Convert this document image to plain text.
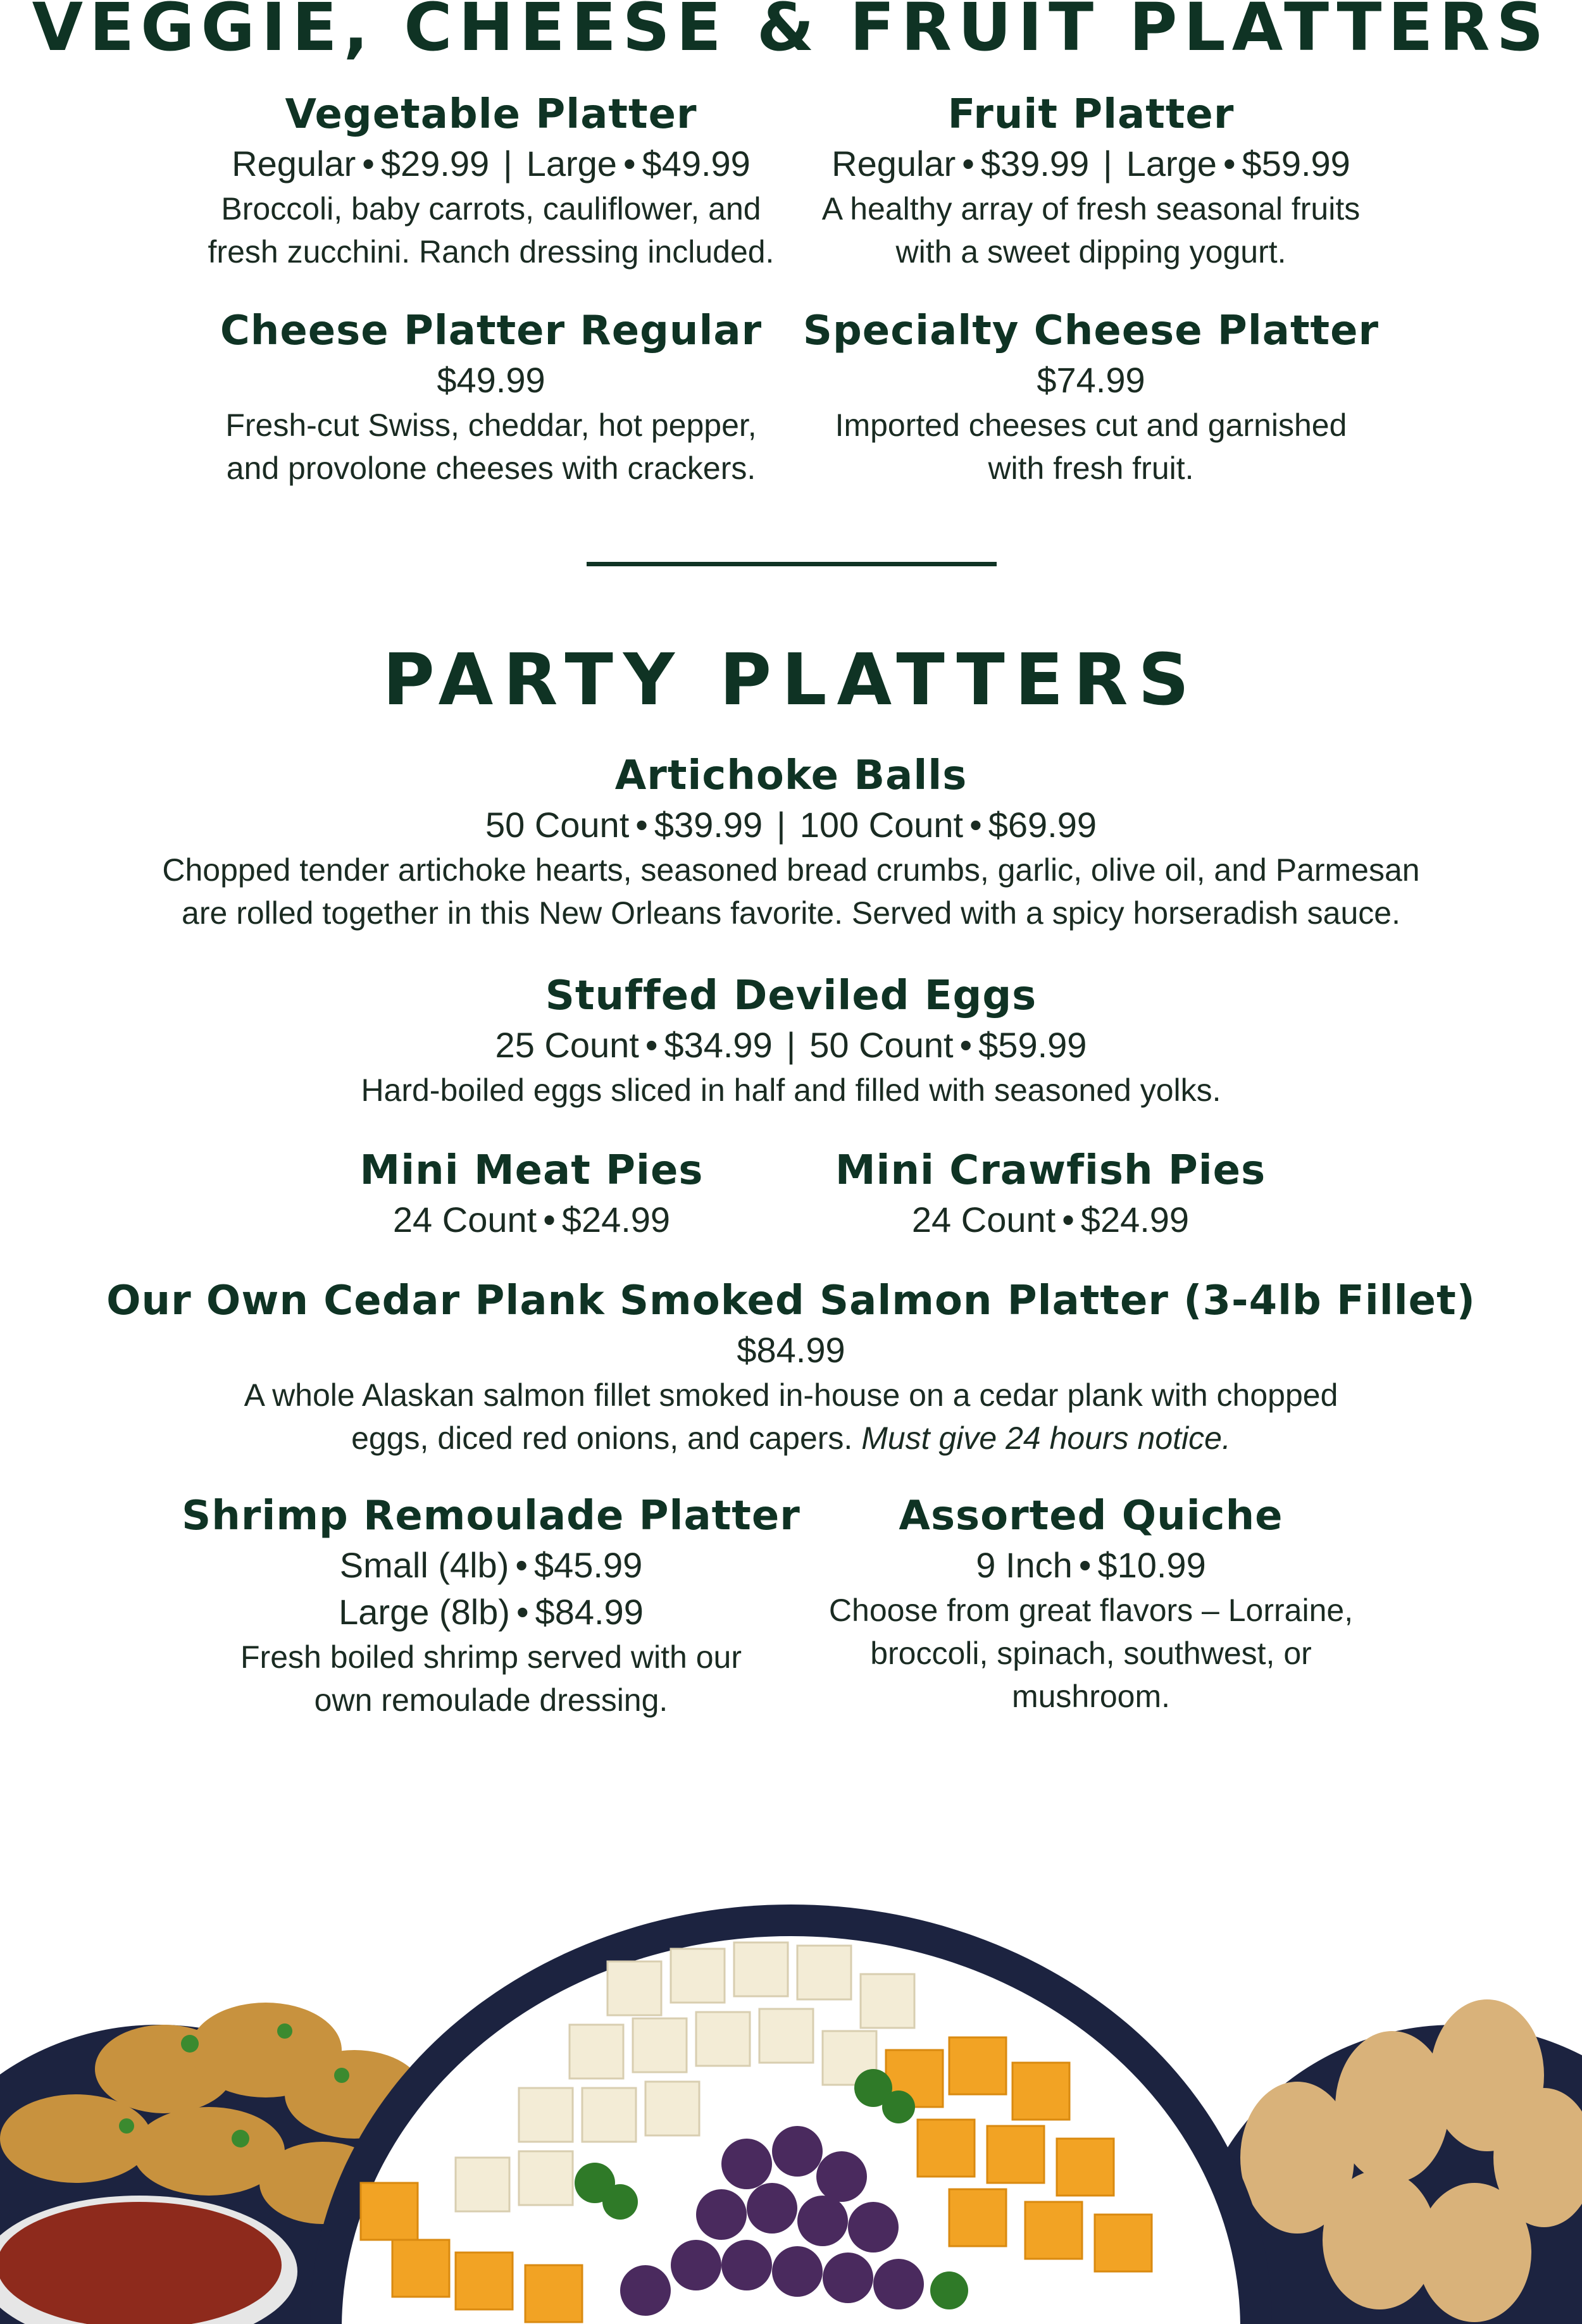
VEGGIE, CHEESE & FRUIT PLATTERS

Vegetable Platter

Regular • $29.99 | Large • $49.99

Broccoli, baby carrots, cauliflower, and

fresh zucchini. Ranch dressing included.

Fruit Platter

Regular • $39.99 | Large • $59.99

A healthy array of fresh seasonal fruits

with a sweet dipping yogurt.

Cheese Platter Regular

$49.99

Fresh-cut Swiss, cheddar, hot pepper,

and provolone cheeses with crackers.

Specialty Cheese Platter

$74.99

Imported cheeses cut and garnished

with fresh fruit.

PARTY PLATTERS

Artichoke Balls

50 Count • $39.99 | 100 Count • $69.99

Chopped tender artichoke hearts, seasoned bread crumbs, garlic, olive oil, and Parmesan

are rolled together in this New Orleans favorite. Served with a spicy horseradish sauce.

Stuffed Deviled Eggs

25 Count • $34.99 | 50 Count • $59.99

Hard-boiled eggs sliced in half and filled with seasoned yolks.

Mini Meat Pies

24 Count • $24.99

Mini Crawfish Pies

24 Count • $24.99

Our Own Cedar Plank Smoked Salmon Platter (3-4lb Fillet)

$84.99

A whole Alaskan salmon fillet smoked in-house on a cedar plank with chopped

eggs, diced red onions, and capers. Must give 24 hours notice.

Shrimp Remoulade Platter

Small (4lb) • $45.99

Large (8lb) • $84.99

Fresh boiled shrimp served with our

own remoulade dressing.

Assorted Quiche

9 Inch • $10.99

Choose from great flavors – Lorraine,

broccoli, spinach, southwest, or

mushroom.
